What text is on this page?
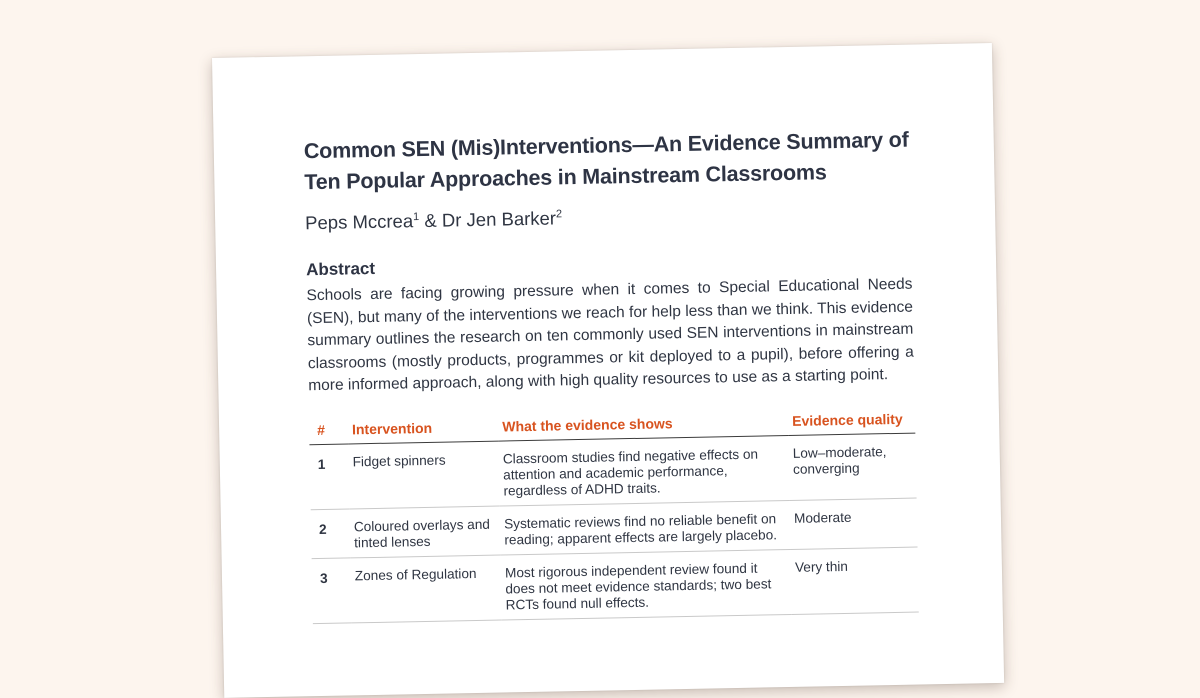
Common SEN (Mis)Interventions—An Evidence Summary of Ten Popular Approaches in Mainstream Classrooms
Peps Mccrea$^1$ & Dr Jen Barker$^2$
Abstract
Schools are facing growing pressure when it comes to Special Educational Needs (SEN), but many of the interventions we reach for help less than we think. This evidence summary outlines the research on ten commonly used SEN interventions in mainstream classrooms (mostly products, programmes or kit deployed to a pupil), before offering a more informed approach, along with high quality resources to use as a starting point.
#	Intervention	What the evidence shows	Evidence quality
1	Fidget spinners	Classroom studies find negative effects on attention and academic performance, regardless of ADHD traits.	Low–moderate, converging
2	Coloured overlays and tinted lenses	Systematic reviews find no reliable benefit on reading; apparent effects are largely placebo.	Moderate
3	Zones of Regulation	Most rigorous independent review found it does not meet evidence standards; two best RCTs found null effects.	Very thin
